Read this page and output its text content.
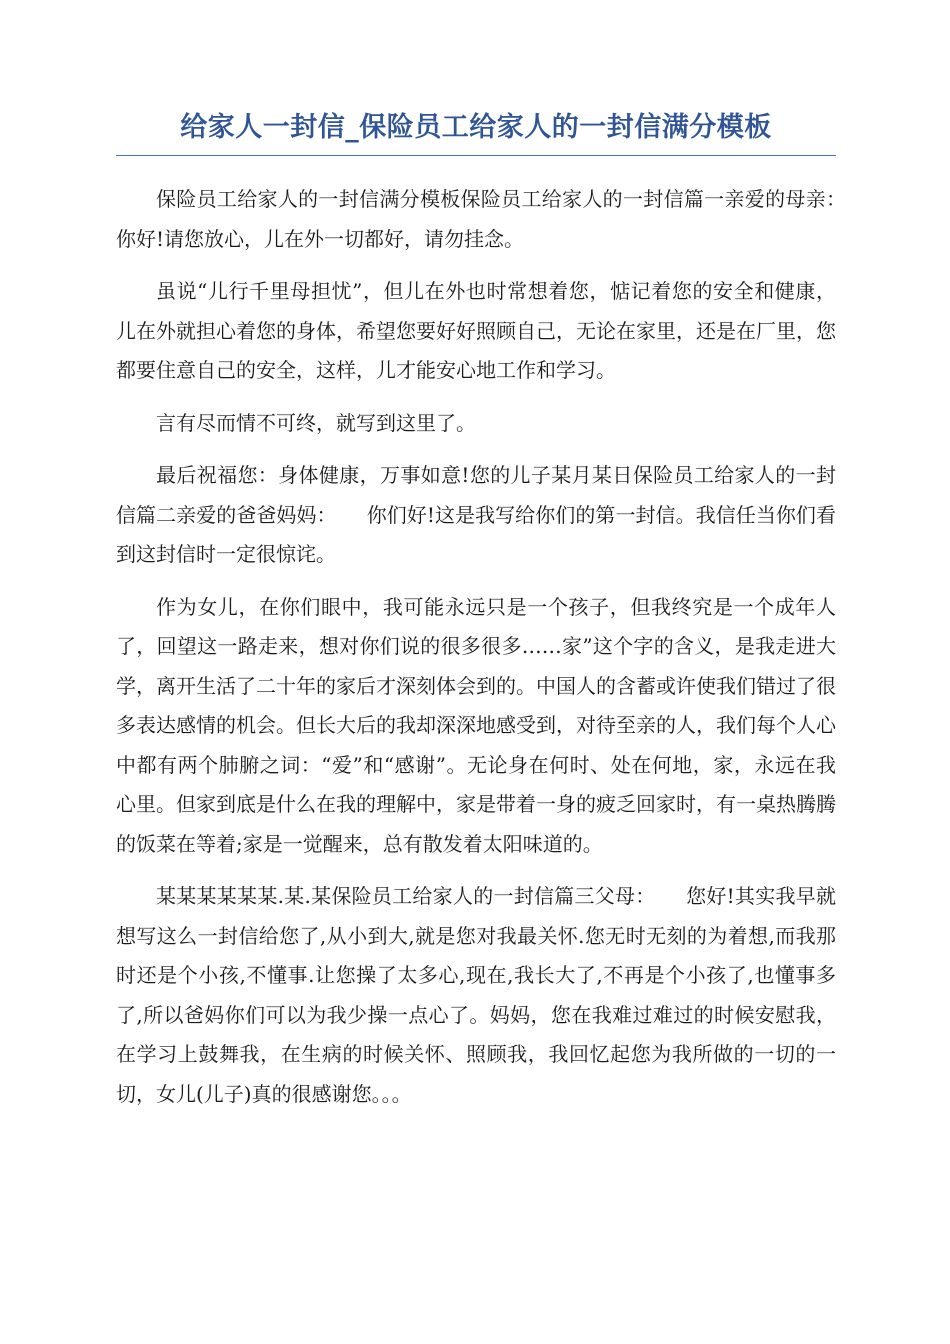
给家人一封信_保险员工给家人的一封信满分模板

保险员工给家人的一封信满分模板保险员工给家人的一封信篇一亲爱的母亲：　　你好!请您放心，儿在外一切都好，请勿挂念。

虽说“儿行千里母担忧”，但儿在外也时常想着您，惦记着您的安全和健康，儿在外就担心着您的身体，希望您要好好照顾自己，无论在家里，还是在厂里，您都要住意自己的安全，这样，儿才能安心地工作和学习。

言有尽而情不可终，就写到这里了。

最后祝福您：身体健康，万事如意!您的儿子某月某日保险员工给家人的一封信篇二亲爱的爸爸妈妈：　　你们好!这是我写给你们的第一封信。我信任当你们看到这封信时一定很惊诧。

作为女儿，在你们眼中，我可能永远只是一个孩子，但我终究是一个成年人了，回望这一路走来，想对你们说的很多很多……家”这个字的含义，是我走进大学，离开生活了二十年的家后才深刻体会到的。中国人的含蓄或许使我们错过了很多表达感情的机会。但长大后的我却深深地感受到，对待至亲的人，我们每个人心中都有两个肺腑之词：“爱”和“感谢”。无论身在何时、处在何地，家，永远在我心里。但家到底是什么在我的理解中，家是带着一身的疲乏回家时，有一桌热腾腾的饭菜在等着;家是一觉醒来，总有散发着太阳味道的。

某某某某某某.某.某保险员工给家人的一封信篇三父母：　　您好!其实我早就想写这么一封信给您了,从小到大,就是您对我最关怀.您无时无刻的为着想,而我那时还是个小孩,不懂事.让您操了太多心,现在,我长大了,不再是个小孩了,也懂事多了,所以爸妈你们可以为我少操一点心了。妈妈，您在我难过难过的时候安慰我，在学习上鼓舞我，在生病的时候关怀、照顾我，我回忆起您为我所做的一切的一切，女儿(儿子)真的很感谢您。。。
